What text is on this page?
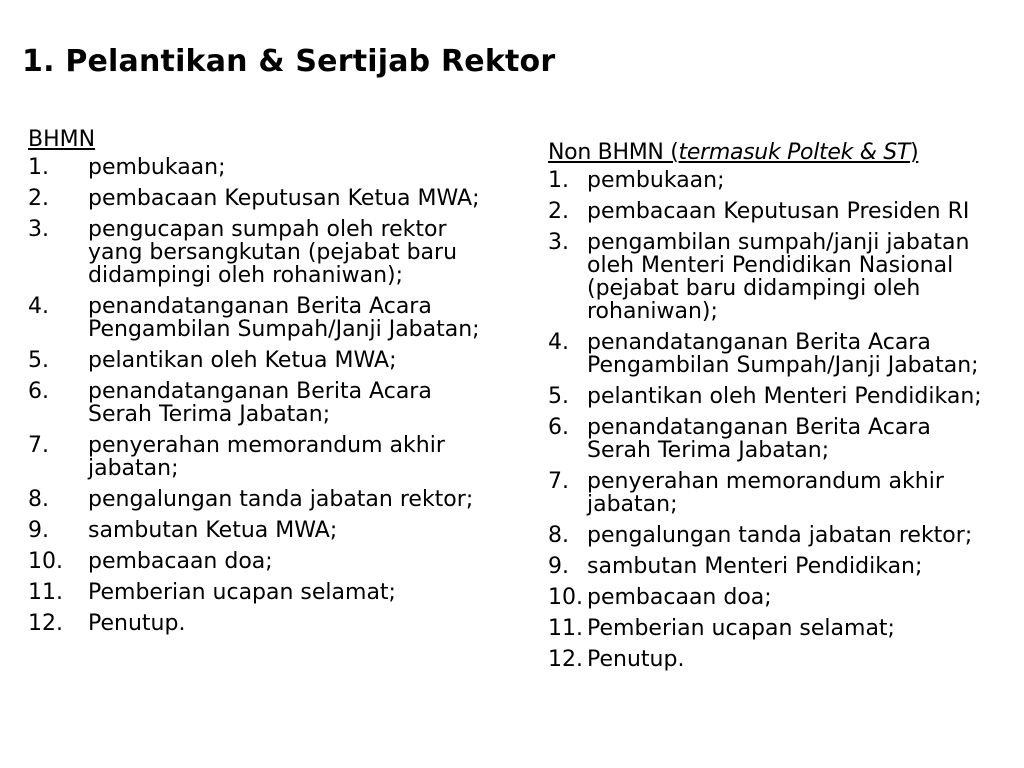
1. Pelantikan & Sertijab Rektor
BHMN
1.	pembukaan;
2.	pembacaan Keputusan Ketua MWA;
3.	pengucapan sumpah oleh rektor yang bersangkutan (pejabat baru didampingi oleh rohaniwan);
4.	penandatanganan Berita Acara Pengambilan Sumpah/Janji Jabatan;
5.	pelantikan oleh Ketua MWA;
6.	penandatanganan Berita Acara Serah Terima Jabatan;
7.	penyerahan memorandum akhir jabatan;
8.	pengalungan tanda jabatan rektor;
9.	sambutan Ketua MWA;
10.	pembacaan doa;
11.	Pemberian ucapan selamat;
12.	Penutup.
Non BHMN (termasuk Poltek & ST)
1. pembukaan;
2. pembacaan Keputusan Presiden RI
3. pengambilan sumpah/janji jabatan oleh Menteri Pendidikan Nasional (pejabat baru didampingi oleh rohaniwan);
4. penandatanganan Berita Acara Pengambilan Sumpah/Janji Jabatan;
5. pelantikan oleh Menteri Pendidikan;
6. penandatanganan Berita Acara Serah Terima Jabatan;
7. penyerahan memorandum akhir jabatan;
8. pengalungan tanda jabatan rektor;
9. sambutan Menteri Pendidikan;
10. pembacaan doa;
11. Pemberian ucapan selamat;
12. Penutup.
